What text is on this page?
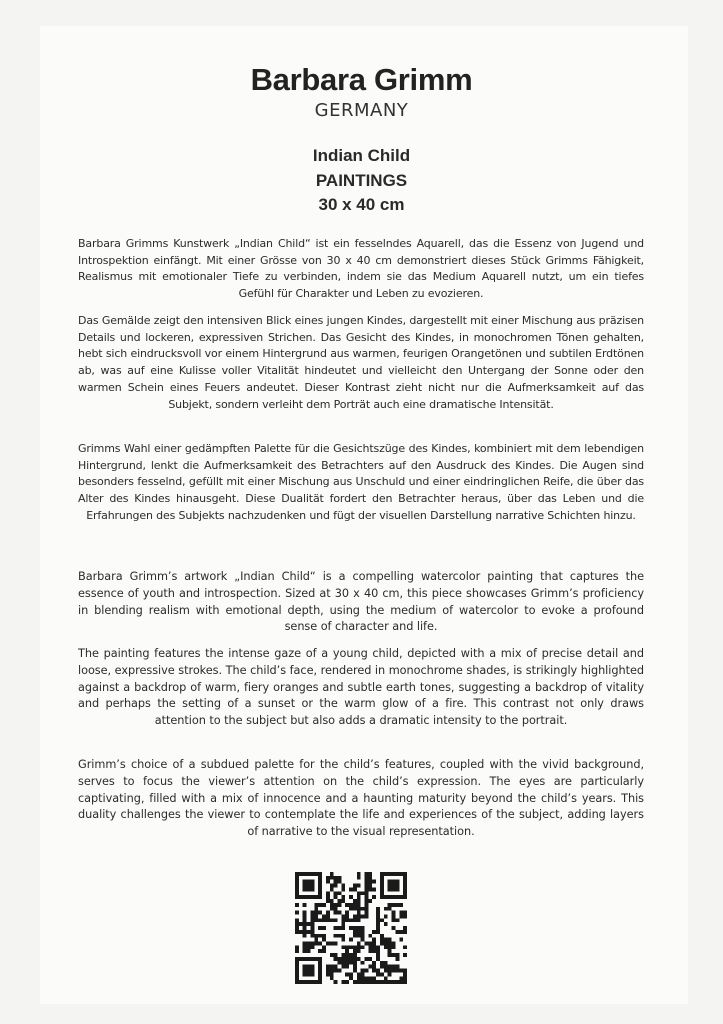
Barbara Grimm
GERMANY
Indian Child
PAINTINGS
30 x 40 cm

Barbara Grimms Kunstwerk „Indian Child“ ist ein fesselndes Aquarell, das die Essenz von Jugend und Introspektion einfängt. Mit einer Grösse von 30 x 40 cm demonstriert dieses Stück Grimms Fähigkeit, Realismus mit emotionaler Tiefe zu verbinden, indem sie das Medium Aquarell nutzt, um ein tiefes Gefühl für Charakter und Leben zu evozieren.

Das Gemälde zeigt den intensiven Blick eines jungen Kindes, dargestellt mit einer Mischung aus präzisen Details und lockeren, expressiven Strichen. Das Gesicht des Kindes, in monochromen Tönen gehalten, hebt sich eindrucksvoll vor einem Hintergrund aus warmen, feurigen Orangetönen und subtilen Erdtönen ab, was auf eine Kulisse voller Vitalität hindeutet und vielleicht den Untergang der Sonne oder den warmen Schein eines Feuers andeutet. Dieser Kontrast zieht nicht nur die Aufmerksamkeit auf das Subjekt, sondern verleiht dem Porträt auch eine dramatische Intensität.

Grimms Wahl einer gedämpften Palette für die Gesichtszüge des Kindes, kombiniert mit dem lebendigen Hintergrund, lenkt die Aufmerksamkeit des Betrachters auf den Ausdruck des Kindes. Die Augen sind besonders fesselnd, gefüllt mit einer Mischung aus Unschuld und einer eindringlichen Reife, die über das Alter des Kindes hinausgeht. Diese Dualität fordert den Betrachter heraus, über das Leben und die Erfahrungen des Subjekts nachzudenken und fügt der visuellen Darstellung narrative Schichten hinzu.

Barbara Grimm’s artwork „Indian Child“ is a compelling watercolor painting that captures the essence of youth and introspection. Sized at 30 x 40 cm, this piece showcases Grimm’s proficiency in blending realism with emotional depth, using the medium of watercolor to evoke a profound sense of character and life.

The painting features the intense gaze of a young child, depicted with a mix of precise detail and loose, expressive strokes. The child’s face, rendered in monochrome shades, is strikingly highlighted against a backdrop of warm, fiery oranges and subtle earth tones, suggesting a backdrop of vitality and perhaps the setting of a sunset or the warm glow of a fire. This contrast not only draws attention to the subject but also adds a dramatic intensity to the portrait.

Grimm’s choice of a subdued palette for the child’s features, coupled with the vivid background, serves to focus the viewer’s attention on the child’s expression. The eyes are particularly captivating, filled with a mix of innocence and a haunting maturity beyond the child’s years. This duality challenges the viewer to contemplate the life and experiences of the subject, adding layers of narrative to the visual representation.
